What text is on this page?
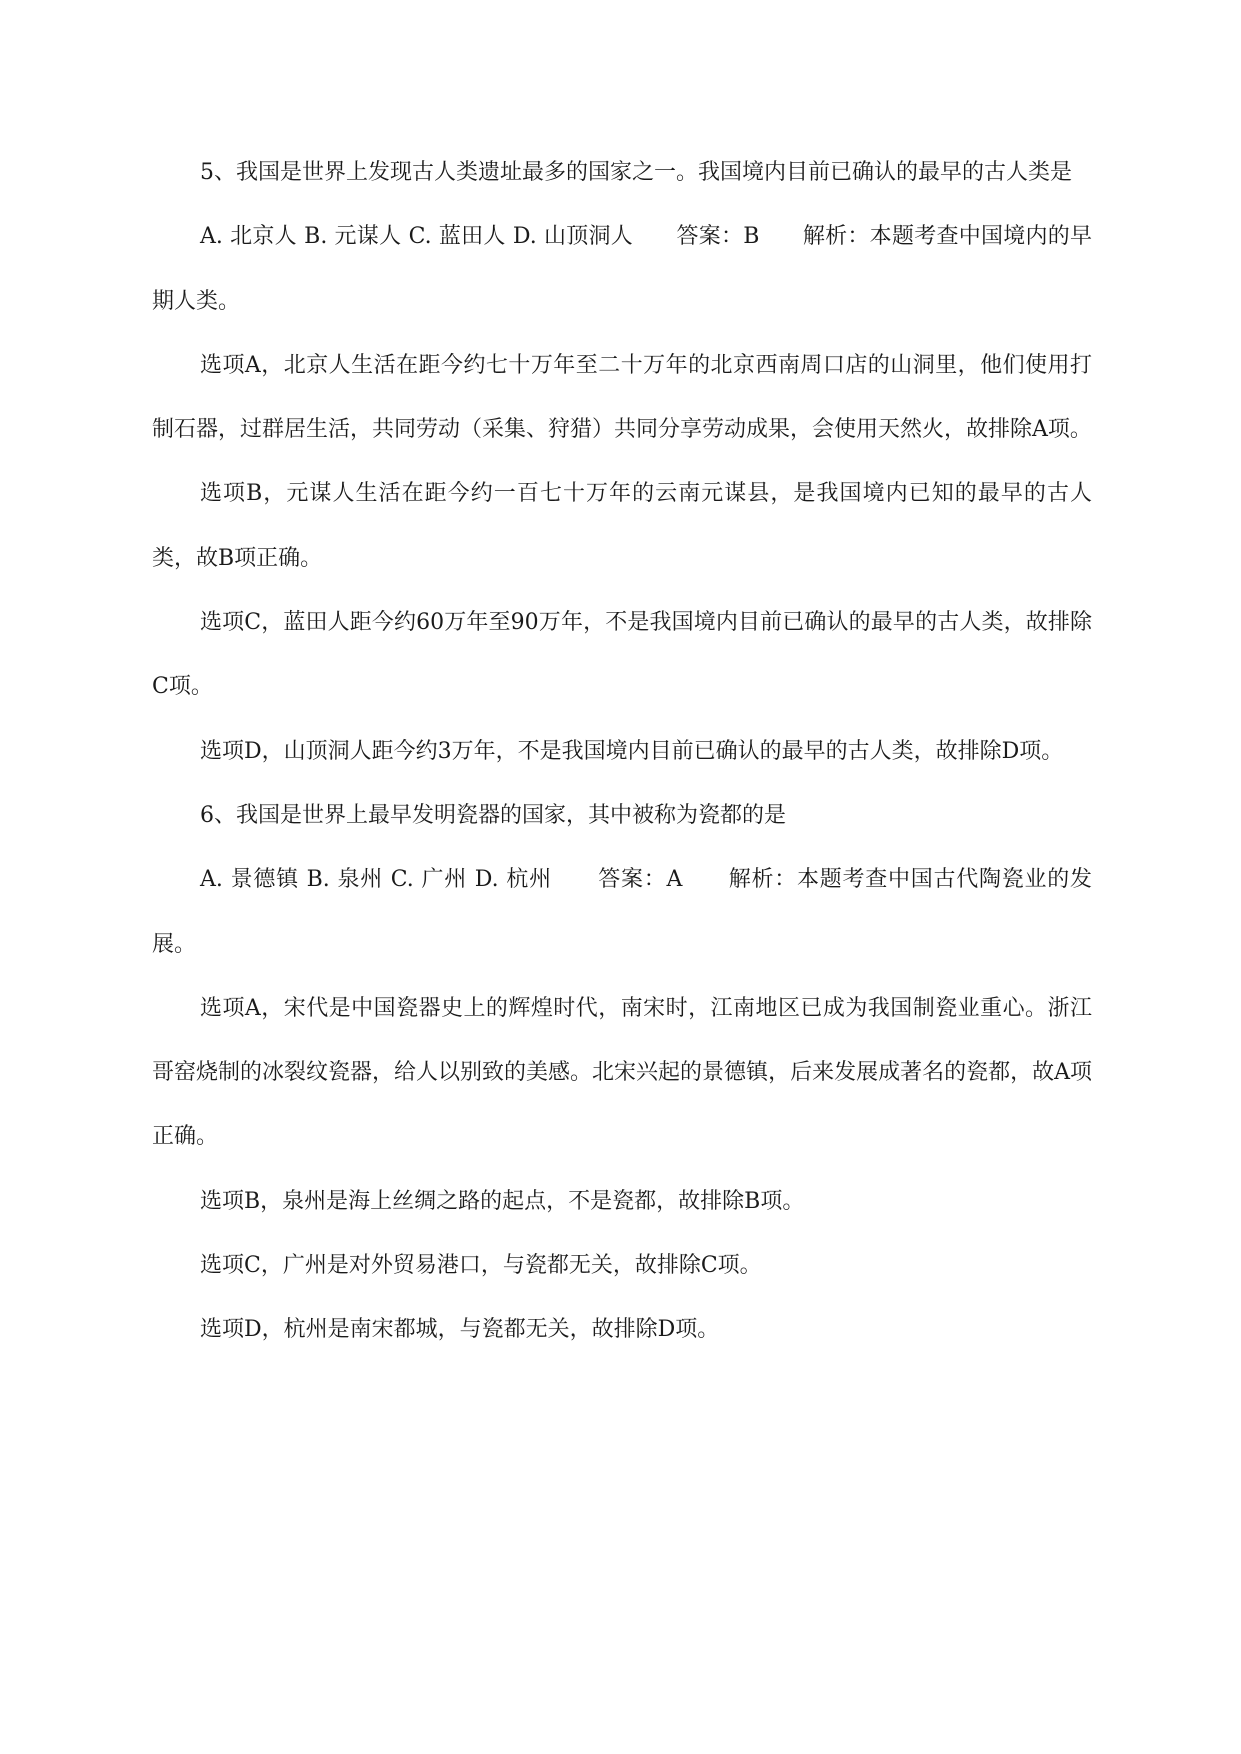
5、我国是世界上发现古人类遗址最多的国家之一。我国境内目前已确认的最早的古人类是

A. 北京人 B. 元谋人 C. 蓝田人 D. 山顶洞人      答案：B      解析：本题考查中国境内的早期人类。

选项A，北京人生活在距今约七十万年至二十万年的北京西南周口店的山洞里，他们使用打制石器，过群居生活，共同劳动（采集、狩猎）共同分享劳动成果，会使用天然火，故排除A项。

选项B，元谋人生活在距今约一百七十万年的云南元谋县，是我国境内已知的最早的古人类，故B项正确。

选项C，蓝田人距今约60万年至90万年，不是我国境内目前已确认的最早的古人类，故排除C项。

选项D，山顶洞人距今约3万年，不是我国境内目前已确认的最早的古人类，故排除D项。

6、我国是世界上最早发明瓷器的国家，其中被称为瓷都的是

A. 景德镇 B. 泉州 C. 广州 D. 杭州      答案：A      解析：本题考查中国古代陶瓷业的发展。

选项A，宋代是中国瓷器史上的辉煌时代，南宋时，江南地区已成为我国制瓷业重心。浙江哥窑烧制的冰裂纹瓷器，给人以别致的美感。北宋兴起的景德镇，后来发展成著名的瓷都，故A项正确。

选项B，泉州是海上丝绸之路的起点，不是瓷都，故排除B项。

选项C，广州是对外贸易港口，与瓷都无关，故排除C项。

选项D，杭州是南宋都城，与瓷都无关，故排除D项。
